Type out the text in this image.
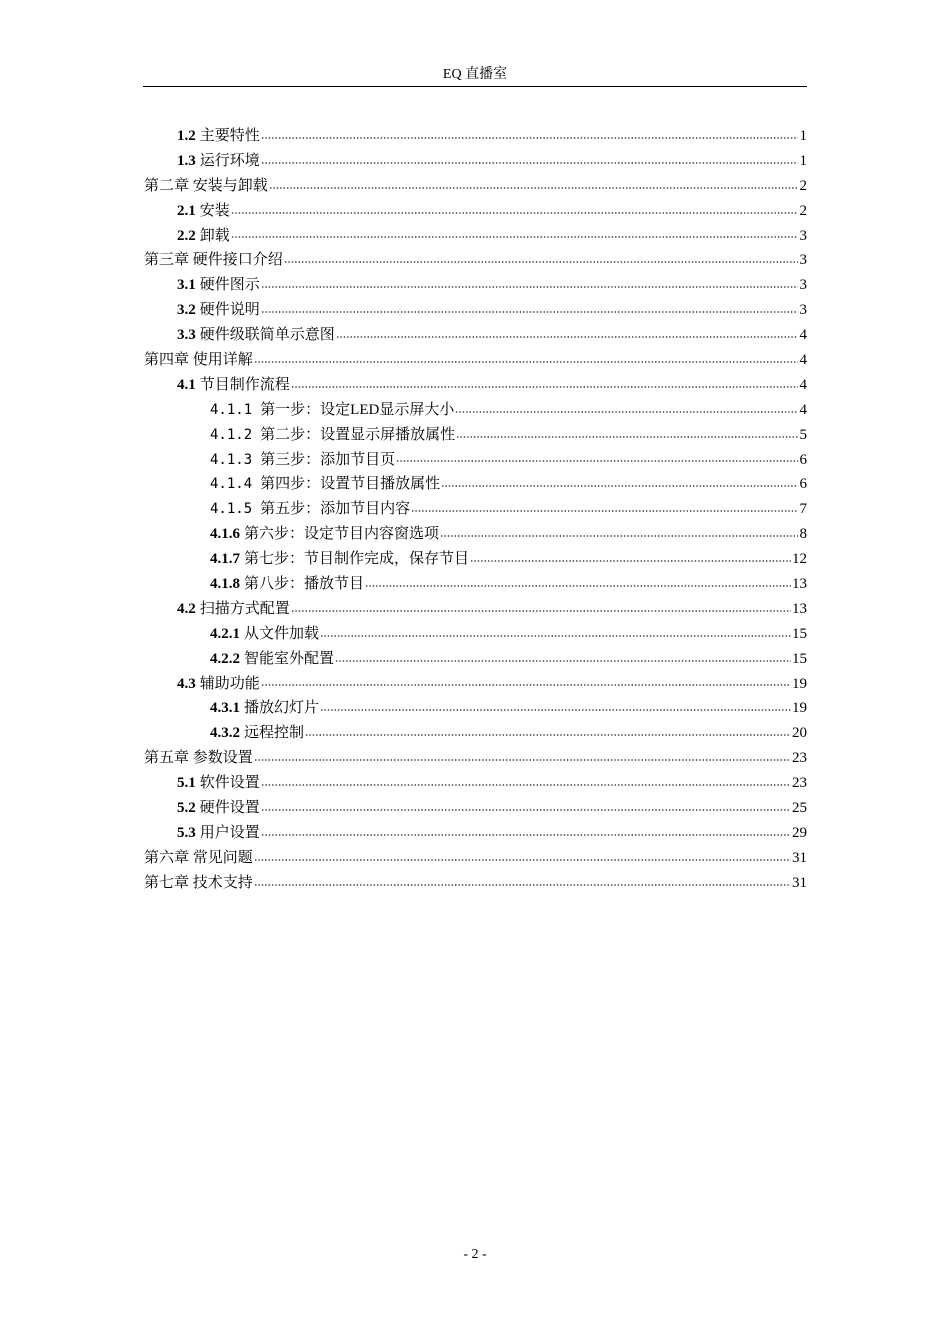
EQ 直播室
1.2 主要特性	1
1.3 运行环境	1
第二章 安装与卸载	2
2.1 安装	2
2.2 卸载	3
第三章 硬件接口介绍	3
3.1 硬件图示	3
3.2 硬件说明	3
3.3 硬件级联简单示意图	4
第四章 使用详解	4
4.1 节目制作流程	4
4.1.1 第一步：设定LED显示屏大小	4
4.1.2 第二步：设置显示屏播放属性	5
4.1.3 第三步：添加节目页	6
4.1.4 第四步：设置节目播放属性	6
4.1.5 第五步：添加节目内容	7
4.1.6 第六步：设定节目内容窗选项	8
4.1.7 第七步：节目制作完成，保存节目	12
4.1.8 第八步：播放节目	13
4.2 扫描方式配置	13
4.2.1 从文件加载	15
4.2.2 智能室外配置	15
4.3 辅助功能	19
4.3.1 播放幻灯片	19
4.3.2 远程控制	20
第五章 参数设置	23
5.1 软件设置	23
5.2 硬件设置	25
5.3 用户设置	29
第六章 常见问题	31
第七章 技术支持	31
- 2 -
